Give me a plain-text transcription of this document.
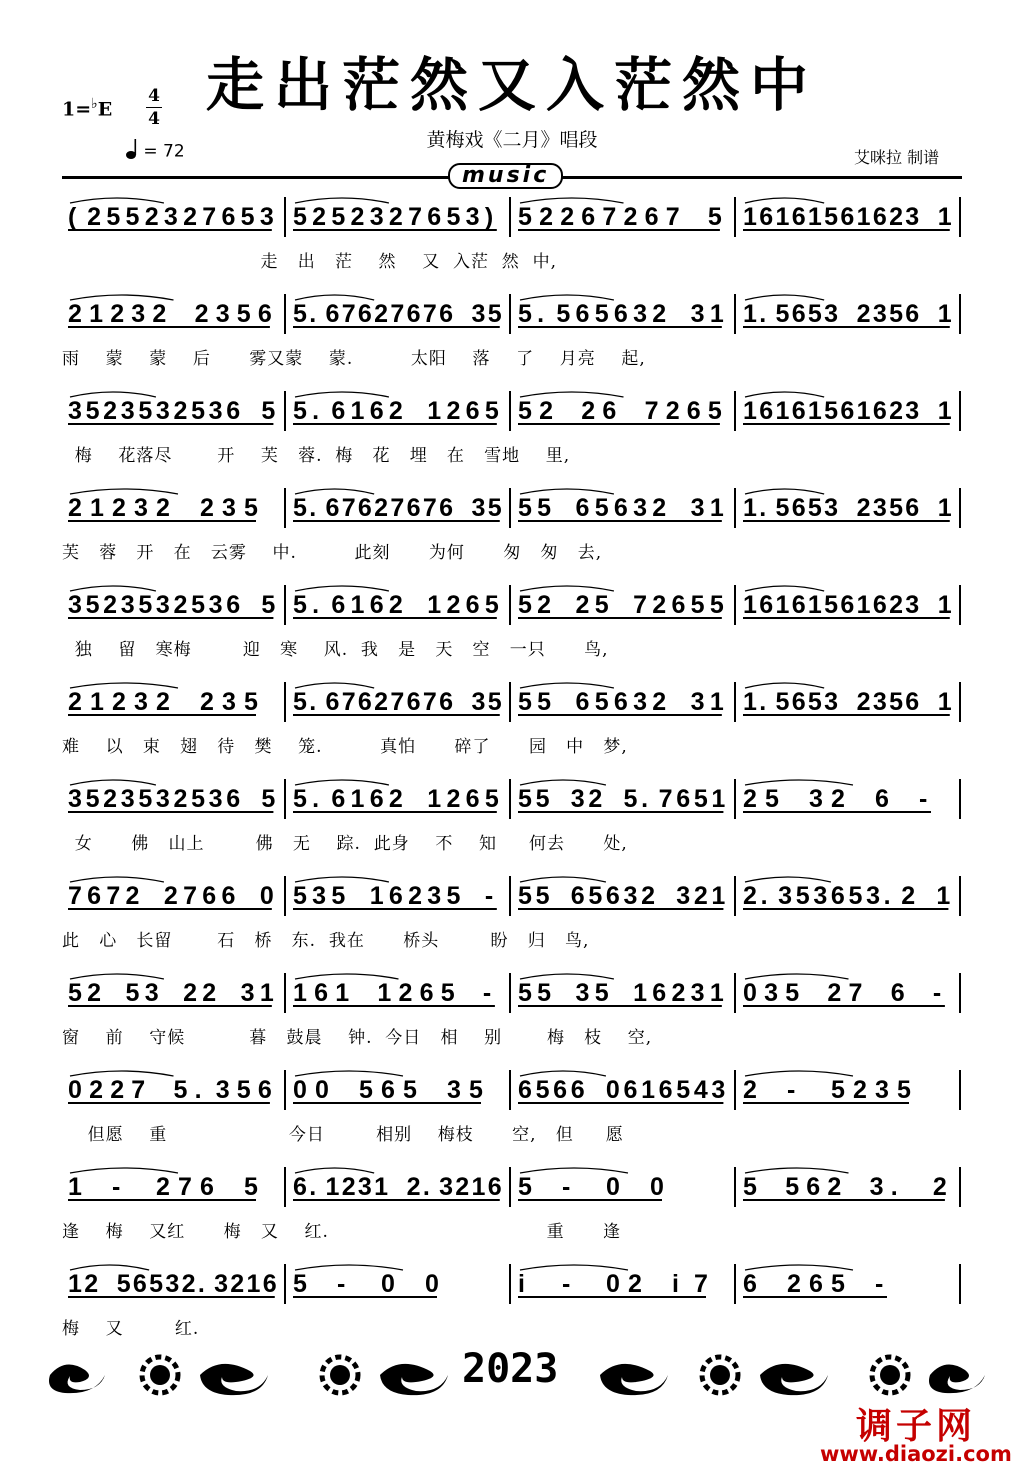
走出茫然又入茫然中
1=♭E
4
4
= 72
黄梅戏《二月》唱段
艾咪拉 制谱
music
( 2 5 5 2 3 2 7 6 5 3 5 2 5 2 3 2 7 6 5 3 ) 5 2 2 6 7 2 6 7 5 1 6 1 6 1 5 6 1 6 2 3 1
走   出   茫    然    又  入茫  然  中,
2 1 2 3 2 2 3 5 6 5 . 6 7 6 2 7 6 7 6 3 5 5 . 5 6 5 6 3 2 3 1 1 . 5 6 5 3 2 3 5 6 1
雨    蒙    蒙    后      雾又蒙    蒙.         太阳    落    了    月亮    起,
3 5 2 3 5 3 2 5 3 6 5 5 . 6 1 6 2 1 2 6 5 5 2 2 6 7 2 6 5 1 6 1 6 1 5 6 1 6 2 3 1
梅    花落尽       开    芙   蓉.  梅   花   埋   在   雪地    里,
2 1 2 3 2 2 3 5 5 . 6 7 6 2 7 6 7 6 3 5 5 5 6 5 6 3 2 3 1 1 . 5 6 5 3 2 3 5 6 1
芙   蓉   开   在   云雾    中.         此刻      为何      匆   匆   去,
3 5 2 3 5 3 2 5 3 6 5 5 . 6 1 6 2 1 2 6 5 5 2 2 5 7 2 6 5 5 1 6 1 6 1 5 6 1 6 2 3 1
独    留   寒梅        迎   寒    风.  我   是   天   空   一只      鸟,
2 1 2 3 2 2 3 5 5 . 6 7 6 2 7 6 7 6 3 5 5 5 6 5 6 3 2 3 1 1 . 5 6 5 3 2 3 5 6 1
难    以   束   翅   待   樊    笼.         真怕      碎了      园   中   梦,
3 5 2 3 5 3 2 5 3 6 5 5 . 6 1 6 2 1 2 6 5 5 5 3 2 5 . 7 6 5 1 2 5 3 2 6 -
女      佛   山上        佛   无    踪.  此身    不    知     何去      处,
7 6 7 2 2 7 6 6 0 5 3 5 1 6 2 3 5 - 5 5 6 5 6 3 2 3 2 1 2 . 3 5 3 6 5 3 . 2 1
此   心   长留       石   桥   东.  我在      桥头        盼   归   鸟,
5 2 5 3 2 2 3 1 1 6 1 1 2 6 5 - 5 5 3 5 1 6 2 3 1 0 3 5 2 7 6 -
窗    前    守候          暮   鼓晨    钟.  今日   相    别       梅   枝    空,
0 2 2 7 5 . 3 5 6 0 0 5 6 5 3 5 6 5 6 6 0 6 1 6 5 4 3 2 - 5 2 3 5
但愿    重                   今日        相别    梅枝      空,   但     愿
1 - 2 7 6 5 6 . 1 2 3 1 2 . 3 2 1 6 5 - 0 0	5 5 6 2 3 . 2
逢    梅    又红      梅   又    红.                                  重      逢
1 2 5 6 5 3 2 . 3 2 1 6 5 - 0 0	i - 0 2 i 7 6 2 6 5 -
梅    又        红.
2023
调子网
www.diaozi.com
